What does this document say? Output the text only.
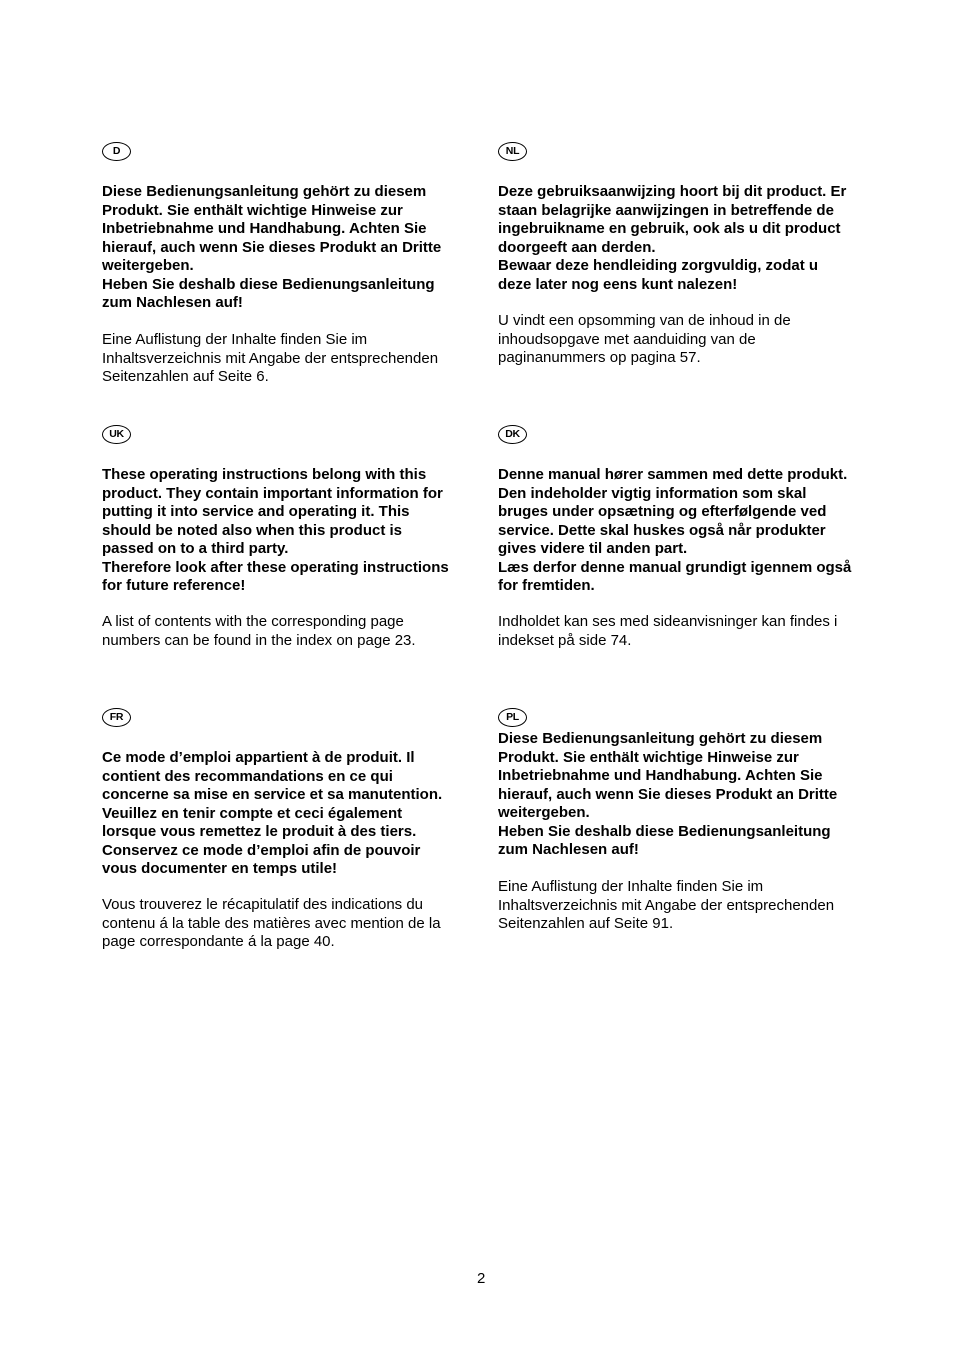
D

Diese Bedienungsanleitung gehört zu diesem
Produkt. Sie enthält wichtige Hinweise zur
Inbetriebnahme und Handhabung. Achten Sie
hierauf, auch wenn Sie dieses Produkt an Dritte
weitergeben.
Heben Sie deshalb diese Bedienungsanleitung
zum Nachlesen auf!

Eine Auflistung der Inhalte finden Sie im
Inhaltsverzeichnis mit Angabe der entsprechenden
Seitenzahlen auf Seite 6.

NL

Deze gebruiksaanwijzing hoort bij dit product. Er
staan belagrijke aanwijzingen in betreffende de
ingebruikname en gebruik, ook als u dit product
doorgeeft aan derden.
Bewaar deze hendleiding zorgvuldig, zodat u
deze later nog eens kunt nalezen!

U vindt een opsomming van de inhoud in de
inhoudsopgave met aanduiding van de
paginanummers op pagina 57.

UK

These operating instructions belong with this
product. They contain important information for
putting it into service and operating it. This
should be noted also when this product is
passed on to a third party.
Therefore look after these operating instructions
for future reference!

A list of contents with the corresponding page
numbers can be found in the index on page 23.

DK

Denne manual hører sammen med dette produkt.
Den indeholder vigtig information som skal
bruges under opsætning og efterfølgende ved
service. Dette skal huskes også når produkter
gives videre til anden part.
Læs derfor denne manual grundigt igennem også
for fremtiden.

Indholdet kan ses med sideanvisninger kan findes i
indekset på side 74.

FR

Ce mode d’emploi appartient à de produit. Il
contient des recommandations en ce qui
concerne sa mise en service et sa manutention.
Veuillez en tenir compte et ceci également
lorsque vous remettez le produit à des tiers.
Conservez ce mode d’emploi afin de pouvoir
vous documenter en temps utile!

Vous trouverez le récapitulatif des indications du
contenu á la table des matières avec mention de la
page correspondante á la page 40.

PL

Diese Bedienungsanleitung gehört zu diesem
Produkt. Sie enthält wichtige Hinweise zur
Inbetriebnahme und Handhabung. Achten Sie
hierauf, auch wenn Sie dieses Produkt an Dritte
weitergeben.
Heben Sie deshalb diese Bedienungsanleitung
zum Nachlesen auf!

Eine Auflistung der Inhalte finden Sie im
Inhaltsverzeichnis mit Angabe der entsprechenden
Seitenzahlen auf Seite 91.

2
